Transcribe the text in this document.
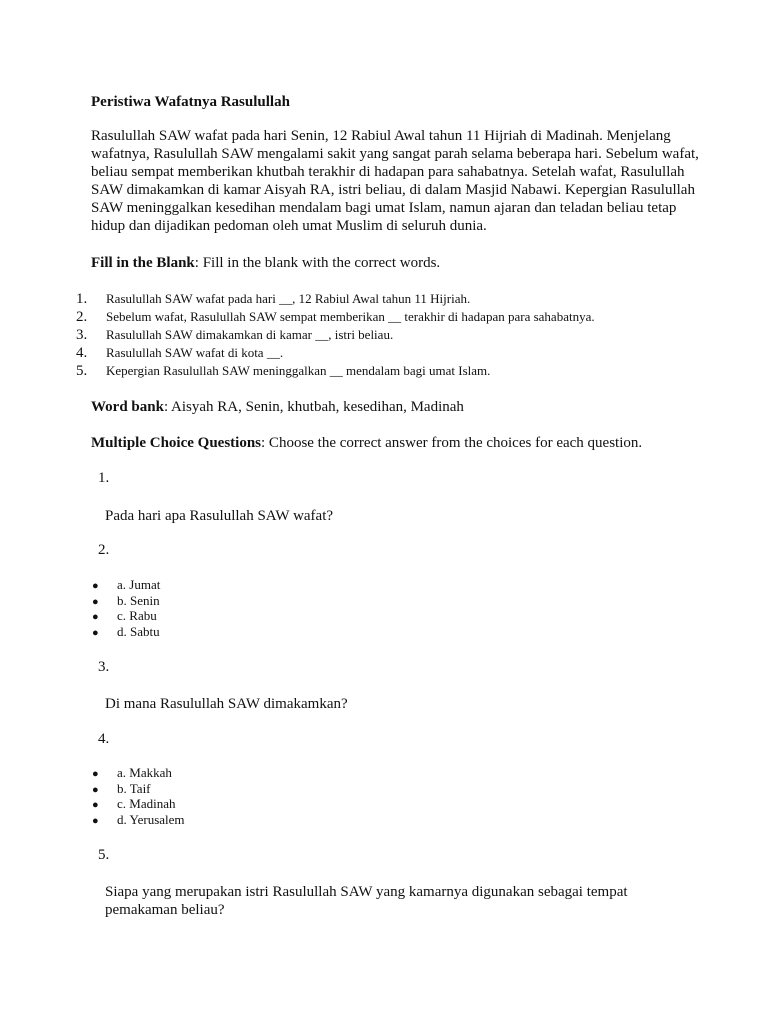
Peristiwa Wafatnya Rasulullah

Rasulullah SAW wafat pada hari Senin, 12 Rabiul Awal tahun 11 Hijriah di Madinah. Menjelang wafatnya, Rasulullah SAW mengalami sakit yang sangat parah selama beberapa hari. Sebelum wafat, beliau sempat memberikan khutbah terakhir di hadapan para sahabatnya. Setelah wafat, Rasulullah SAW dimakamkan di kamar Aisyah RA, istri beliau, di dalam Masjid Nabawi. Kepergian Rasulullah SAW meninggalkan kesedihan mendalam bagi umat Islam, namun ajaran dan teladan beliau tetap hidup dan dijadikan pedoman oleh umat Muslim di seluruh dunia.

Fill in the Blank: Fill in the blank with the correct words.

1. Rasulullah SAW wafat pada hari __, 12 Rabiul Awal tahun 11 Hijriah.
2. Sebelum wafat, Rasulullah SAW sempat memberikan __ terakhir di hadapan para sahabatnya.
3. Rasulullah SAW dimakamkan di kamar __, istri beliau.
4. Rasulullah SAW wafat di kota __.
5. Kepergian Rasulullah SAW meninggalkan __ mendalam bagi umat Islam.

Word bank: Aisyah RA, Senin, khutbah, kesedihan, Madinah

Multiple Choice Questions: Choose the correct answer from the choices for each question.

1.

Pada hari apa Rasulullah SAW wafat?

2.

● a. Jumat
● b. Senin
● c. Rabu
● d. Sabtu

3.

Di mana Rasulullah SAW dimakamkan?

4.

● a. Makkah
● b. Taif
● c. Madinah
● d. Yerusalem

5.

Siapa yang merupakan istri Rasulullah SAW yang kamarnya digunakan sebagai tempat pemakaman beliau?
